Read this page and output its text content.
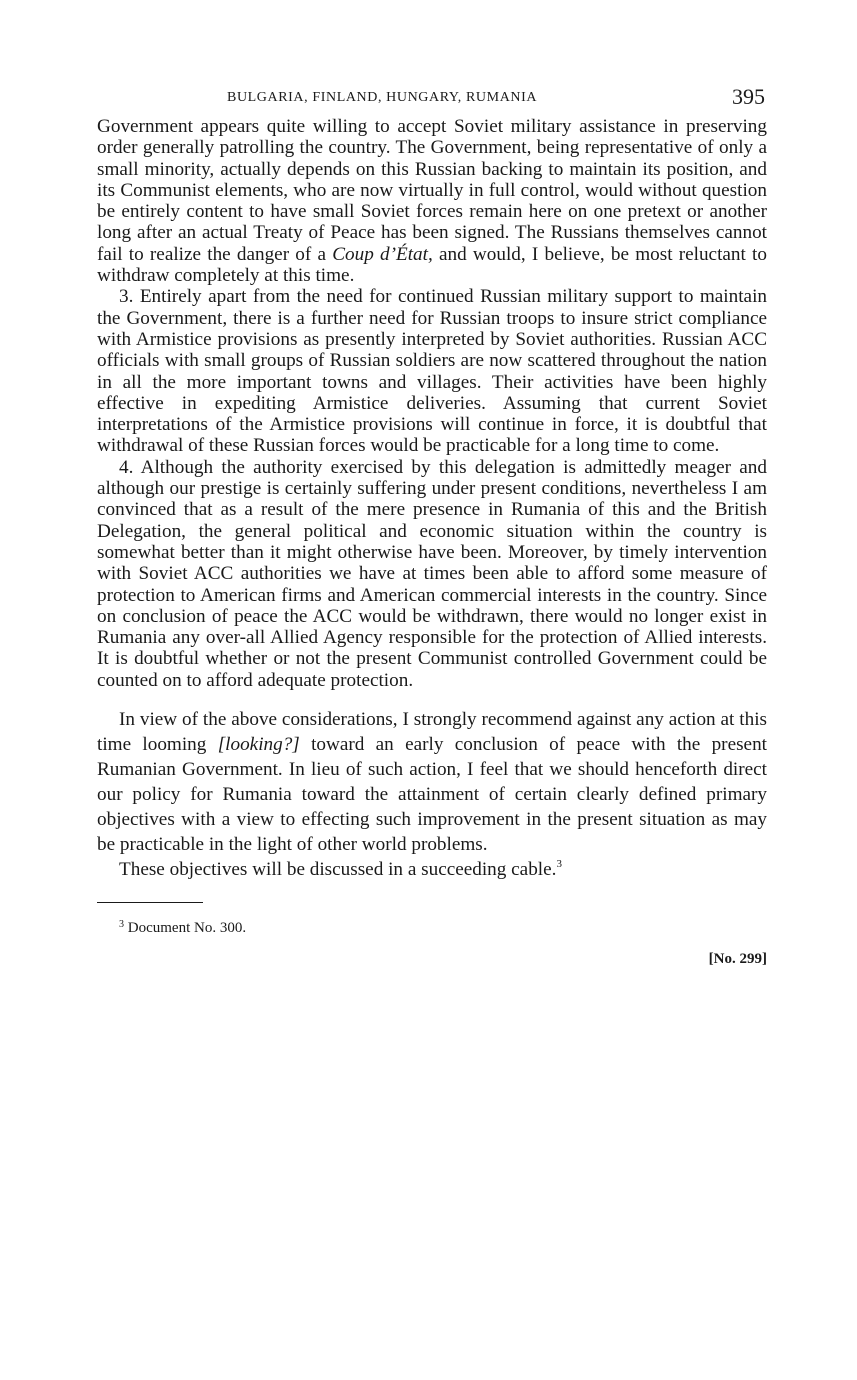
BULGARIA, FINLAND, HUNGARY, RUMANIA	395

Government appears quite willing to accept Soviet military assistance in preserving order generally patrolling the country. The Government, being representative of only a small minority, actually depends on this Russian backing to maintain its position, and its Communist elements, who are now virtually in full control, would without question be entirely content to have small Soviet forces remain here on one pretext or another long after an actual Treaty of Peace has been signed. The Russians themselves cannot fail to realize the danger of a Coup d’État, and would, I believe, be most reluctant to withdraw completely at this time.

3. Entirely apart from the need for continued Russian military support to maintain the Government, there is a further need for Russian troops to insure strict compliance with Armistice provisions as presently interpreted by Soviet authorities. Russian ACC officials with small groups of Russian soldiers are now scattered throughout the nation in all the more important towns and villages. Their activities have been highly effective in expediting Armistice deliveries. Assuming that current Soviet interpretations of the Armistice provisions will continue in force, it is doubtful that withdrawal of these Russian forces would be practicable for a long time to come.

4. Although the authority exercised by this delegation is admittedly meager and although our prestige is certainly suffering under present conditions, nevertheless I am convinced that as a result of the mere presence in Rumania of this and the British Delegation, the general political and economic situation within the country is somewhat better than it might otherwise have been. Moreover, by timely intervention with Soviet ACC authorities we have at times been able to afford some measure of protection to American firms and American commercial interests in the country. Since on conclusion of peace the ACC would be withdrawn, there would no longer exist in Rumania any over-all Allied Agency responsible for the protection of Allied interests. It is doubtful whether or not the present Communist controlled Government could be counted on to afford adequate protection.

In view of the above considerations, I strongly recommend against any action at this time looming [looking?] toward an early conclusion of peace with the present Rumanian Government. In lieu of such action, I feel that we should henceforth direct our policy for Rumania toward the attainment of certain clearly defined primary objectives with a view to effecting such improvement in the present situation as may be practicable in the light of other world problems.

These objectives will be discussed in a succeeding cable.$^3$

$^3$ Document No. 300.
[No. 299]
